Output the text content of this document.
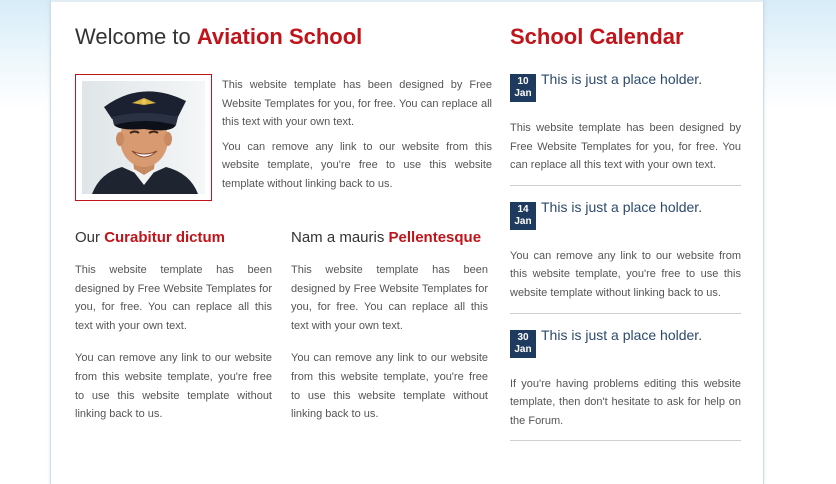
Welcome to Aviation School

This website template has been designed by Free Website Templates for you, for free. You can replace all this text with your own text.

You can remove any link to our website from this website template, you're free to use this website template without linking back to us.

Our Curabitur dictum

This website template has been designed by Free Website Templates for you, for free. You can replace all this text with your own text.

You can remove any link to our website from this website template, you're free to use this website template without linking back to us.

Nam a mauris Pellentesque

This website template has been designed by Free Website Templates for you, for free. You can replace all this text with your own text.

You can remove any link to our website from this website template, you're free to use this website template without linking back to us.

School Calendar
10
Jan
This is just a place holder.

This website template has been designed by Free Website Templates for you, for free. You can replace all this text with your own text.

14
Jan
This is just a place holder.

You can remove any link to our website from this website template, you're free to use this website template without linking back to us.

30
Jan
This is just a place holder.

If you're having problems editing this website template, then don't hesitate to ask for help on the Forum.
